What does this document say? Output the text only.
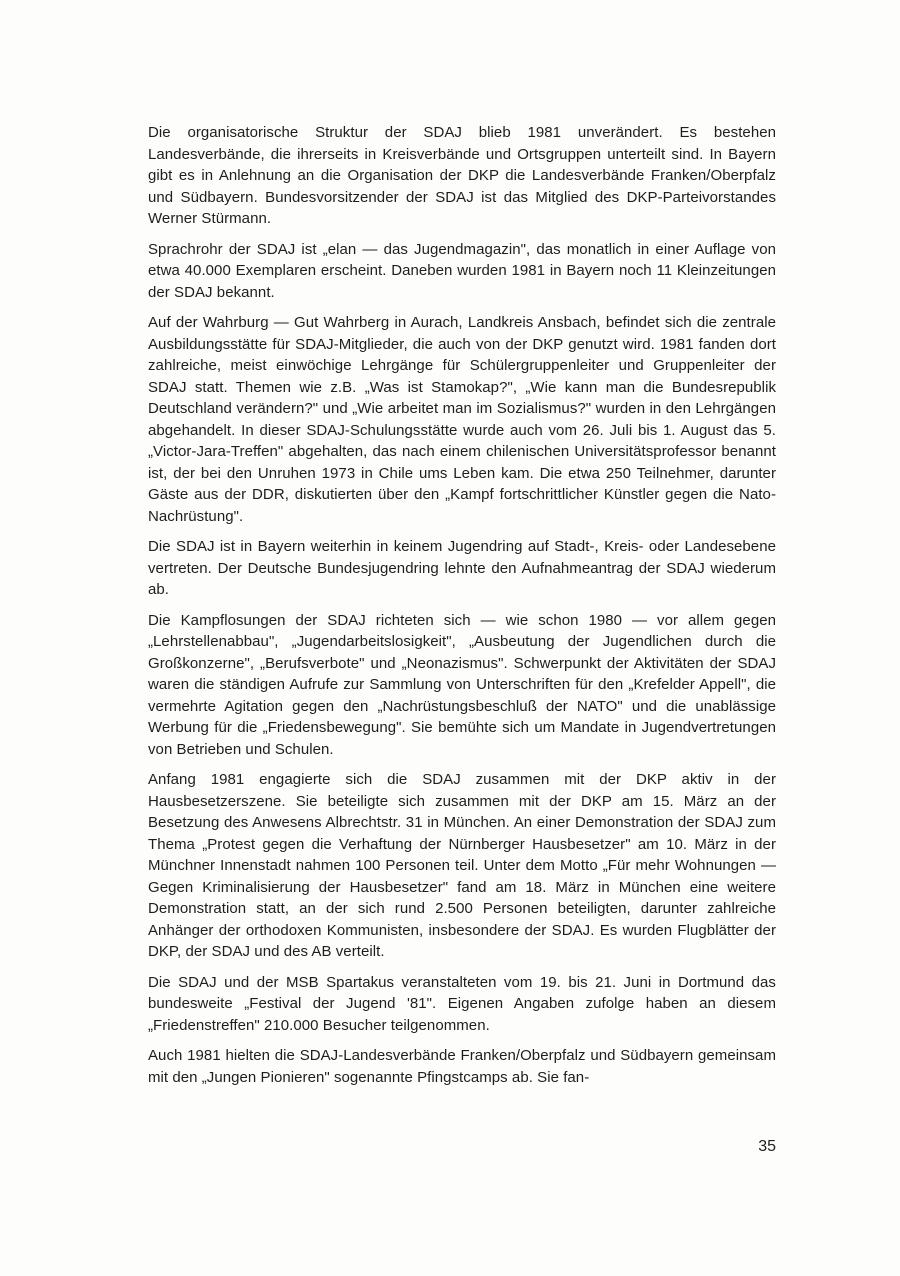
Die organisatorische Struktur der SDAJ blieb 1981 unverändert. Es bestehen Landesverbände, die ihrerseits in Kreisverbände und Ortsgruppen unterteilt sind. In Bayern gibt es in Anlehnung an die Organisation der DKP die Landesverbände Franken/Oberpfalz und Südbayern. Bundesvorsitzender der SDAJ ist das Mitglied des DKP-Parteivorstandes Werner Stürmann.

Sprachrohr der SDAJ ist „elan — das Jugendmagazin", das monatlich in einer Auflage von etwa 40.000 Exemplaren erscheint. Daneben wurden 1981 in Bayern noch 11 Kleinzeitungen der SDAJ bekannt.

Auf der Wahrburg — Gut Wahrberg in Aurach, Landkreis Ansbach, befindet sich die zentrale Ausbildungsstätte für SDAJ-Mitglieder, die auch von der DKP genutzt wird. 1981 fanden dort zahlreiche, meist einwöchige Lehrgänge für Schülergruppenleiter und Gruppenleiter der SDAJ statt. Themen wie z.B. „Was ist Stamokap?", „Wie kann man die Bundesrepublik Deutschland verändern?" und „Wie arbeitet man im Sozialismus?" wurden in den Lehrgängen abgehandelt. In dieser SDAJ-Schulungsstätte wurde auch vom 26. Juli bis 1. August das 5. „Victor-Jara-Treffen" abgehalten, das nach einem chilenischen Universitätsprofessor benannt ist, der bei den Unruhen 1973 in Chile ums Leben kam. Die etwa 250 Teilnehmer, darunter Gäste aus der DDR, diskutierten über den „Kampf fortschrittlicher Künstler gegen die Nato-Nachrüstung".

Die SDAJ ist in Bayern weiterhin in keinem Jugendring auf Stadt-, Kreis- oder Landesebene vertreten. Der Deutsche Bundesjugendring lehnte den Aufnahmeantrag der SDAJ wiederum ab.

Die Kampflosungen der SDAJ richteten sich — wie schon 1980 — vor allem gegen „Lehrstellenabbau", „Jugendarbeitslosigkeit", „Ausbeutung der Jugendlichen durch die Großkonzerne", „Berufsverbote" und „Neonazismus". Schwerpunkt der Aktivitäten der SDAJ waren die ständigen Aufrufe zur Sammlung von Unterschriften für den „Krefelder Appell", die vermehrte Agitation gegen den „Nachrüstungsbeschluß der NATO" und die unablässige Werbung für die „Friedensbewegung". Sie bemühte sich um Mandate in Jugendvertretungen von Betrieben und Schulen.

Anfang 1981 engagierte sich die SDAJ zusammen mit der DKP aktiv in der Hausbesetzerszene. Sie beteiligte sich zusammen mit der DKP am 15. März an der Besetzung des Anwesens Albrechtstr. 31 in München. An einer Demonstration der SDAJ zum Thema „Protest gegen die Verhaftung der Nürnberger Hausbesetzer" am 10. März in der Münchner Innenstadt nahmen 100 Personen teil. Unter dem Motto „Für mehr Wohnungen — Gegen Kriminalisierung der Hausbesetzer" fand am 18. März in München eine weitere Demonstration statt, an der sich rund 2.500 Personen beteiligten, darunter zahlreiche Anhänger der orthodoxen Kommunisten, insbesondere der SDAJ. Es wurden Flugblätter der DKP, der SDAJ und des AB verteilt.

Die SDAJ und der MSB Spartakus veranstalteten vom 19. bis 21. Juni in Dortmund das bundesweite „Festival der Jugend '81". Eigenen Angaben zufolge haben an diesem „Friedenstreffen" 210.000 Besucher teilgenommen.

Auch 1981 hielten die SDAJ-Landesverbände Franken/Oberpfalz und Südbayern gemeinsam mit den „Jungen Pionieren" sogenannte Pfingstcamps ab. Sie fan-

35
